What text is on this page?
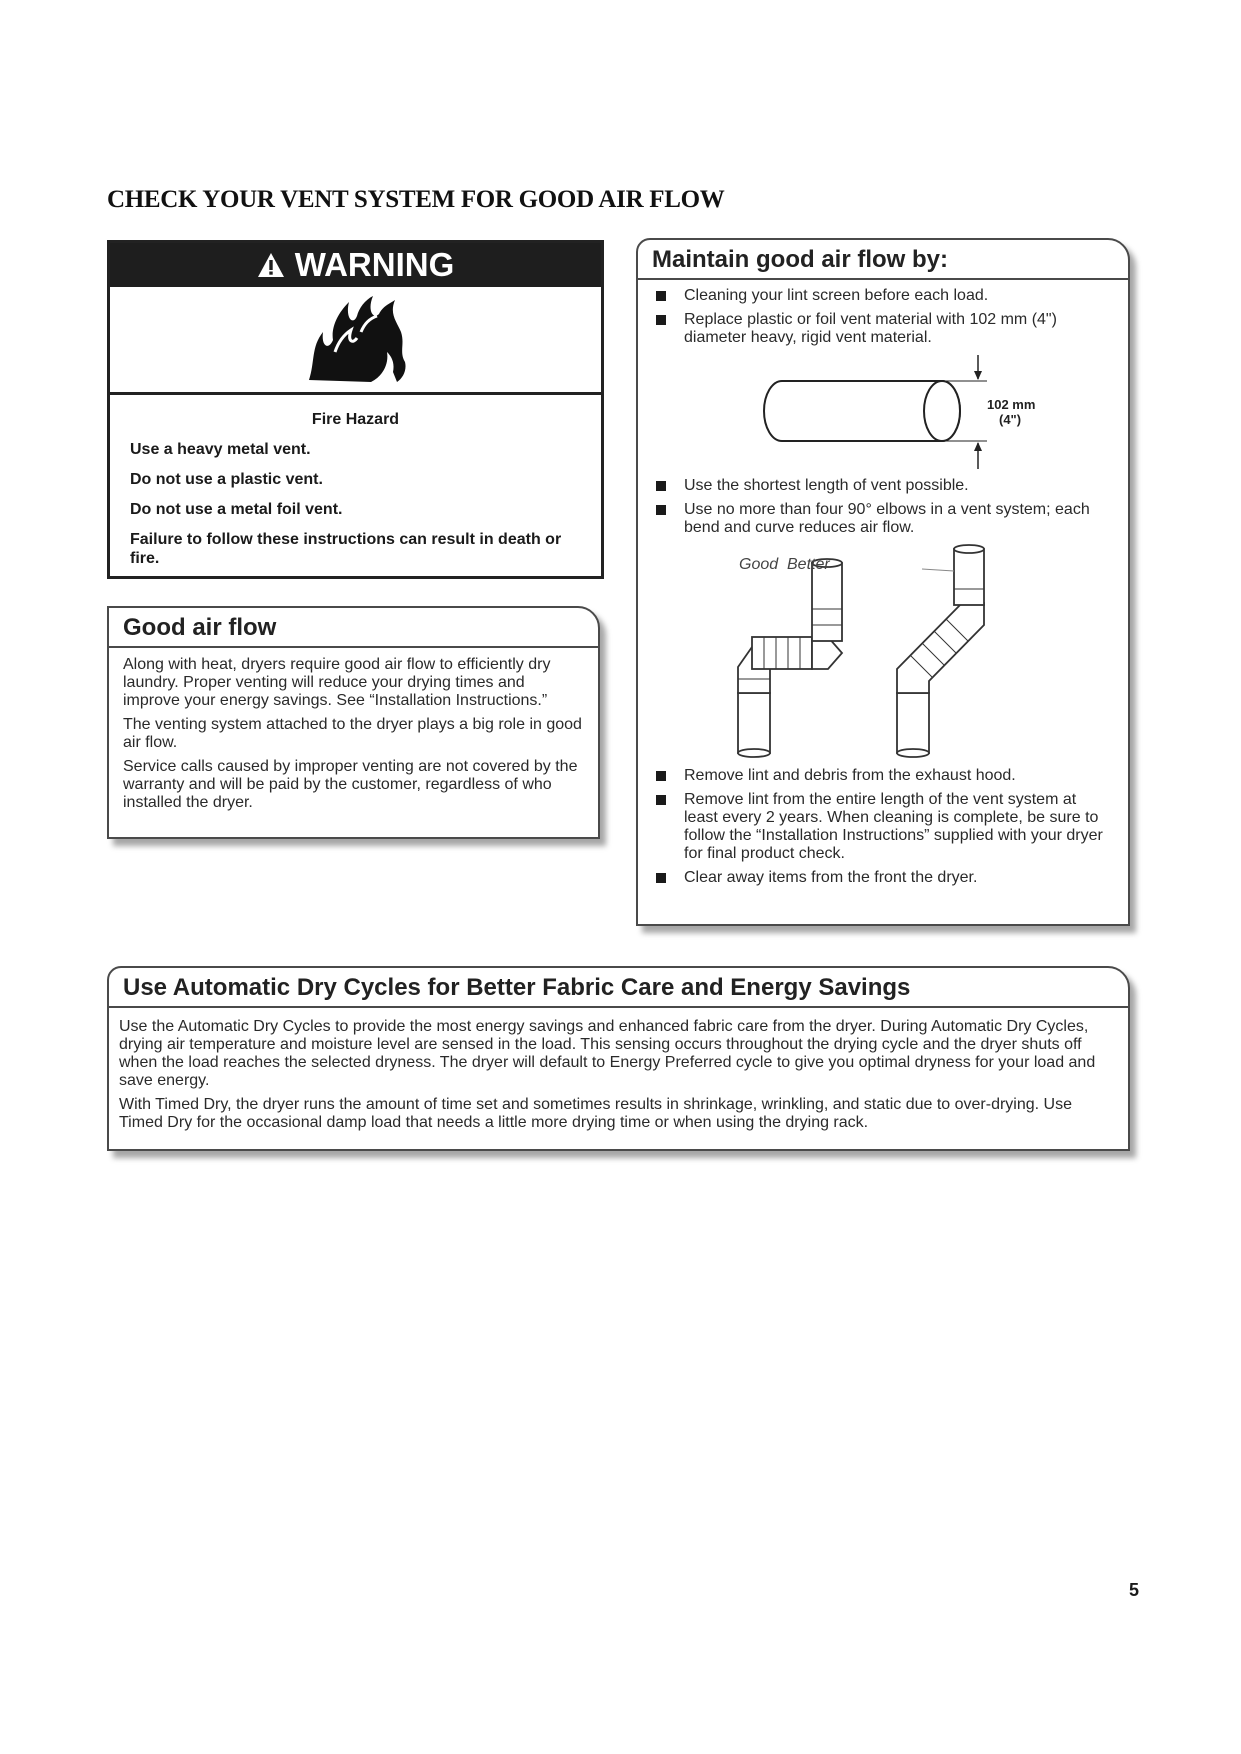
CHECK YOUR VENT SYSTEM FOR GOOD AIR FLOW
WARNING
Fire Hazard

Use a heavy metal vent.

Do not use a plastic vent.

Do not use a metal foil vent.

Failure to follow these instructions can result in death or fire.

Good air flow

Along with heat, dryers require good air flow to efficiently dry laundry. Proper venting will reduce your drying times and improve your energy savings. See “Installation Instructions.”

The venting system attached to the dryer plays a big role in good air flow.

Service calls caused by improper venting are not covered by the warranty and will be paid by the customer, regardless of who installed the dryer.

Maintain good air flow by:
Cleaning your lint screen before each load.
Replace plastic or foil vent material with 102 mm (4") diameter heavy, rigid vent material.
102 mm
(4")
Use the shortest length of vent possible.
Use no more than four 90° elbows in a vent system; each bend and curve reduces air flow.
Good Better
Remove lint and debris from the exhaust hood.
Remove lint from the entire length of the vent system at least every 2 years. When cleaning is complete, be sure to follow the “Installation Instructions” supplied with your dryer for final product check.
Clear away items from the front the dryer.
Use Automatic Dry Cycles for Better Fabric Care and Energy Savings

Use the Automatic Dry Cycles to provide the most energy savings and enhanced fabric care from the dryer. During Automatic Dry Cycles, drying air temperature and moisture level are sensed in the load. This sensing occurs throughout the drying cycle and the dryer shuts off when the load reaches the selected dryness. The dryer will default to Energy Preferred cycle to give you optimal dryness for your load and save energy.

With Timed Dry, the dryer runs the amount of time set and sometimes results in shrinkage, wrinkling, and static due to over-drying. Use Timed Dry for the occasional damp load that needs a little more drying time or when using the drying rack.

5
